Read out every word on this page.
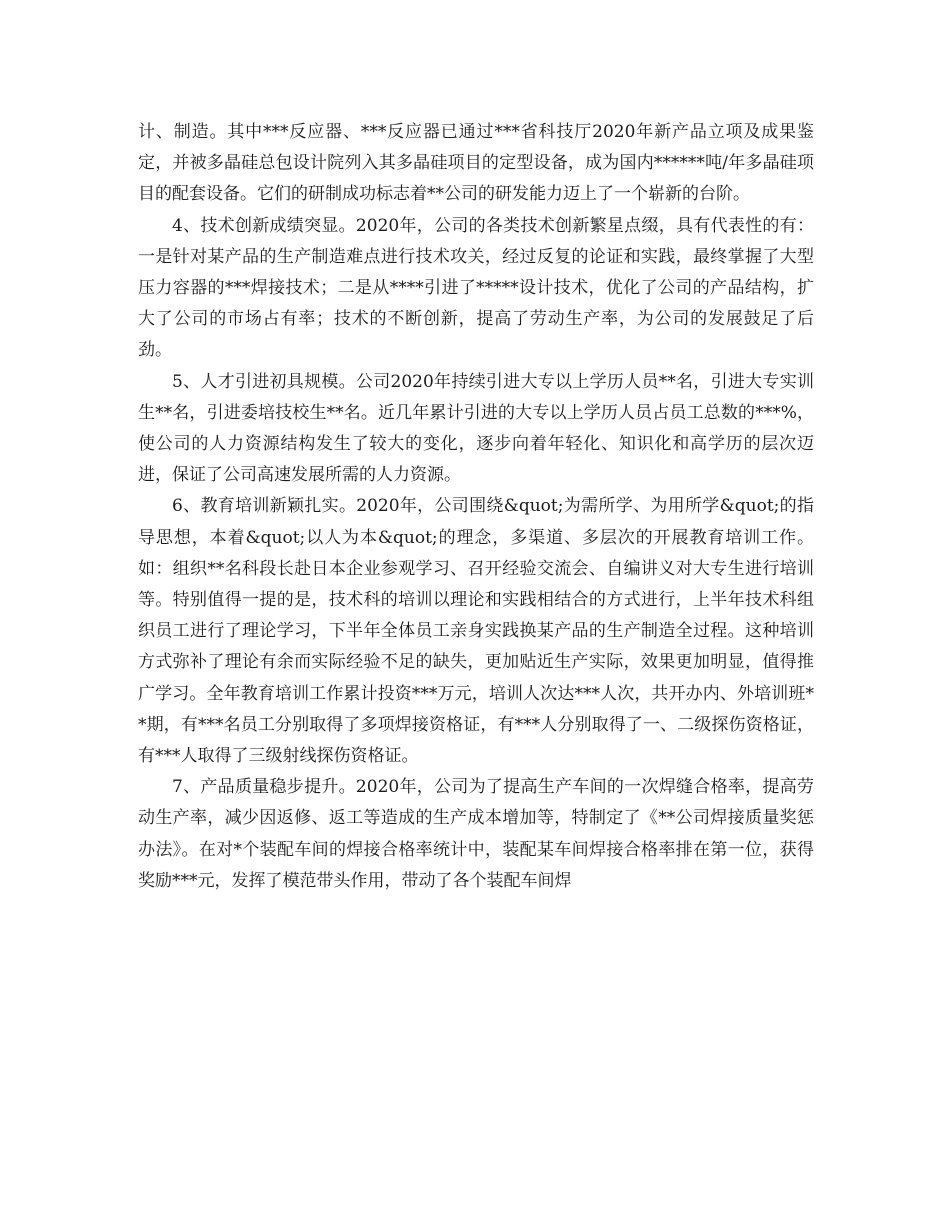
计、制造。其中***反应器、***反应器已通过***省科技厅2020年新产品立项及成果鉴定，并被多晶硅总包设计院列入其多晶硅项目的定型设备，成为国内******吨/年多晶硅项目的配套设备。它们的研制成功标志着**公司的研发能力迈上了一个崭新的台阶。

4、技术创新成绩突显。2020年，公司的各类技术创新繁星点缀，具有代表性的有：一是针对某产品的生产制造难点进行技术攻关，经过反复的论证和实践，最终掌握了大型压力容器的***焊接技术；二是从****引进了*****设计技术，优化了公司的产品结构，扩大了公司的市场占有率；技术的不断创新，提高了劳动生产率，为公司的发展鼓足了后劲。

5、人才引进初具规模。公司2020年持续引进大专以上学历人员**名，引进大专实训生**名，引进委培技校生**名。近几年累计引进的大专以上学历人员占员工总数的***%，使公司的人力资源结构发生了较大的变化，逐步向着年轻化、知识化和高学历的层次迈进，保证了公司高速发展所需的人力资源。

6、教育培训新颖扎实。2020年，公司围绕&quot;为需所学、为用所学&quot;的指导思想，本着&quot;以人为本&quot;的理念，多渠道、多层次的开展教育培训工作。如：组织**名科段长赴日本企业参观学习、召开经验交流会、自编讲义对大专生进行培训等。特别值得一提的是，技术科的培训以理论和实践相结合的方式进行，上半年技术科组织员工进行了理论学习，下半年全体员工亲身实践换某产品的生产制造全过程。这种培训方式弥补了理论有余而实际经验不足的缺失，更加贴近生产实际，效果更加明显，值得推广学习。全年教育培训工作累计投资***万元，培训人次达***人次，共开办内、外培训班**期，有***名员工分别取得了多项焊接资格证，有***人分别取得了一、二级探伤资格证，有***人取得了三级射线探伤资格证。

7、产品质量稳步提升。2020年，公司为了提高生产车间的一次焊缝合格率，提高劳动生产率，减少因返修、返工等造成的生产成本增加等，特制定了《**公司焊接质量奖惩办法》。在对*个装配车间的焊接合格率统计中，装配某车间焊接合格率排在第一位，获得奖励***元，发挥了模范带头作用，带动了各个装配车间焊
